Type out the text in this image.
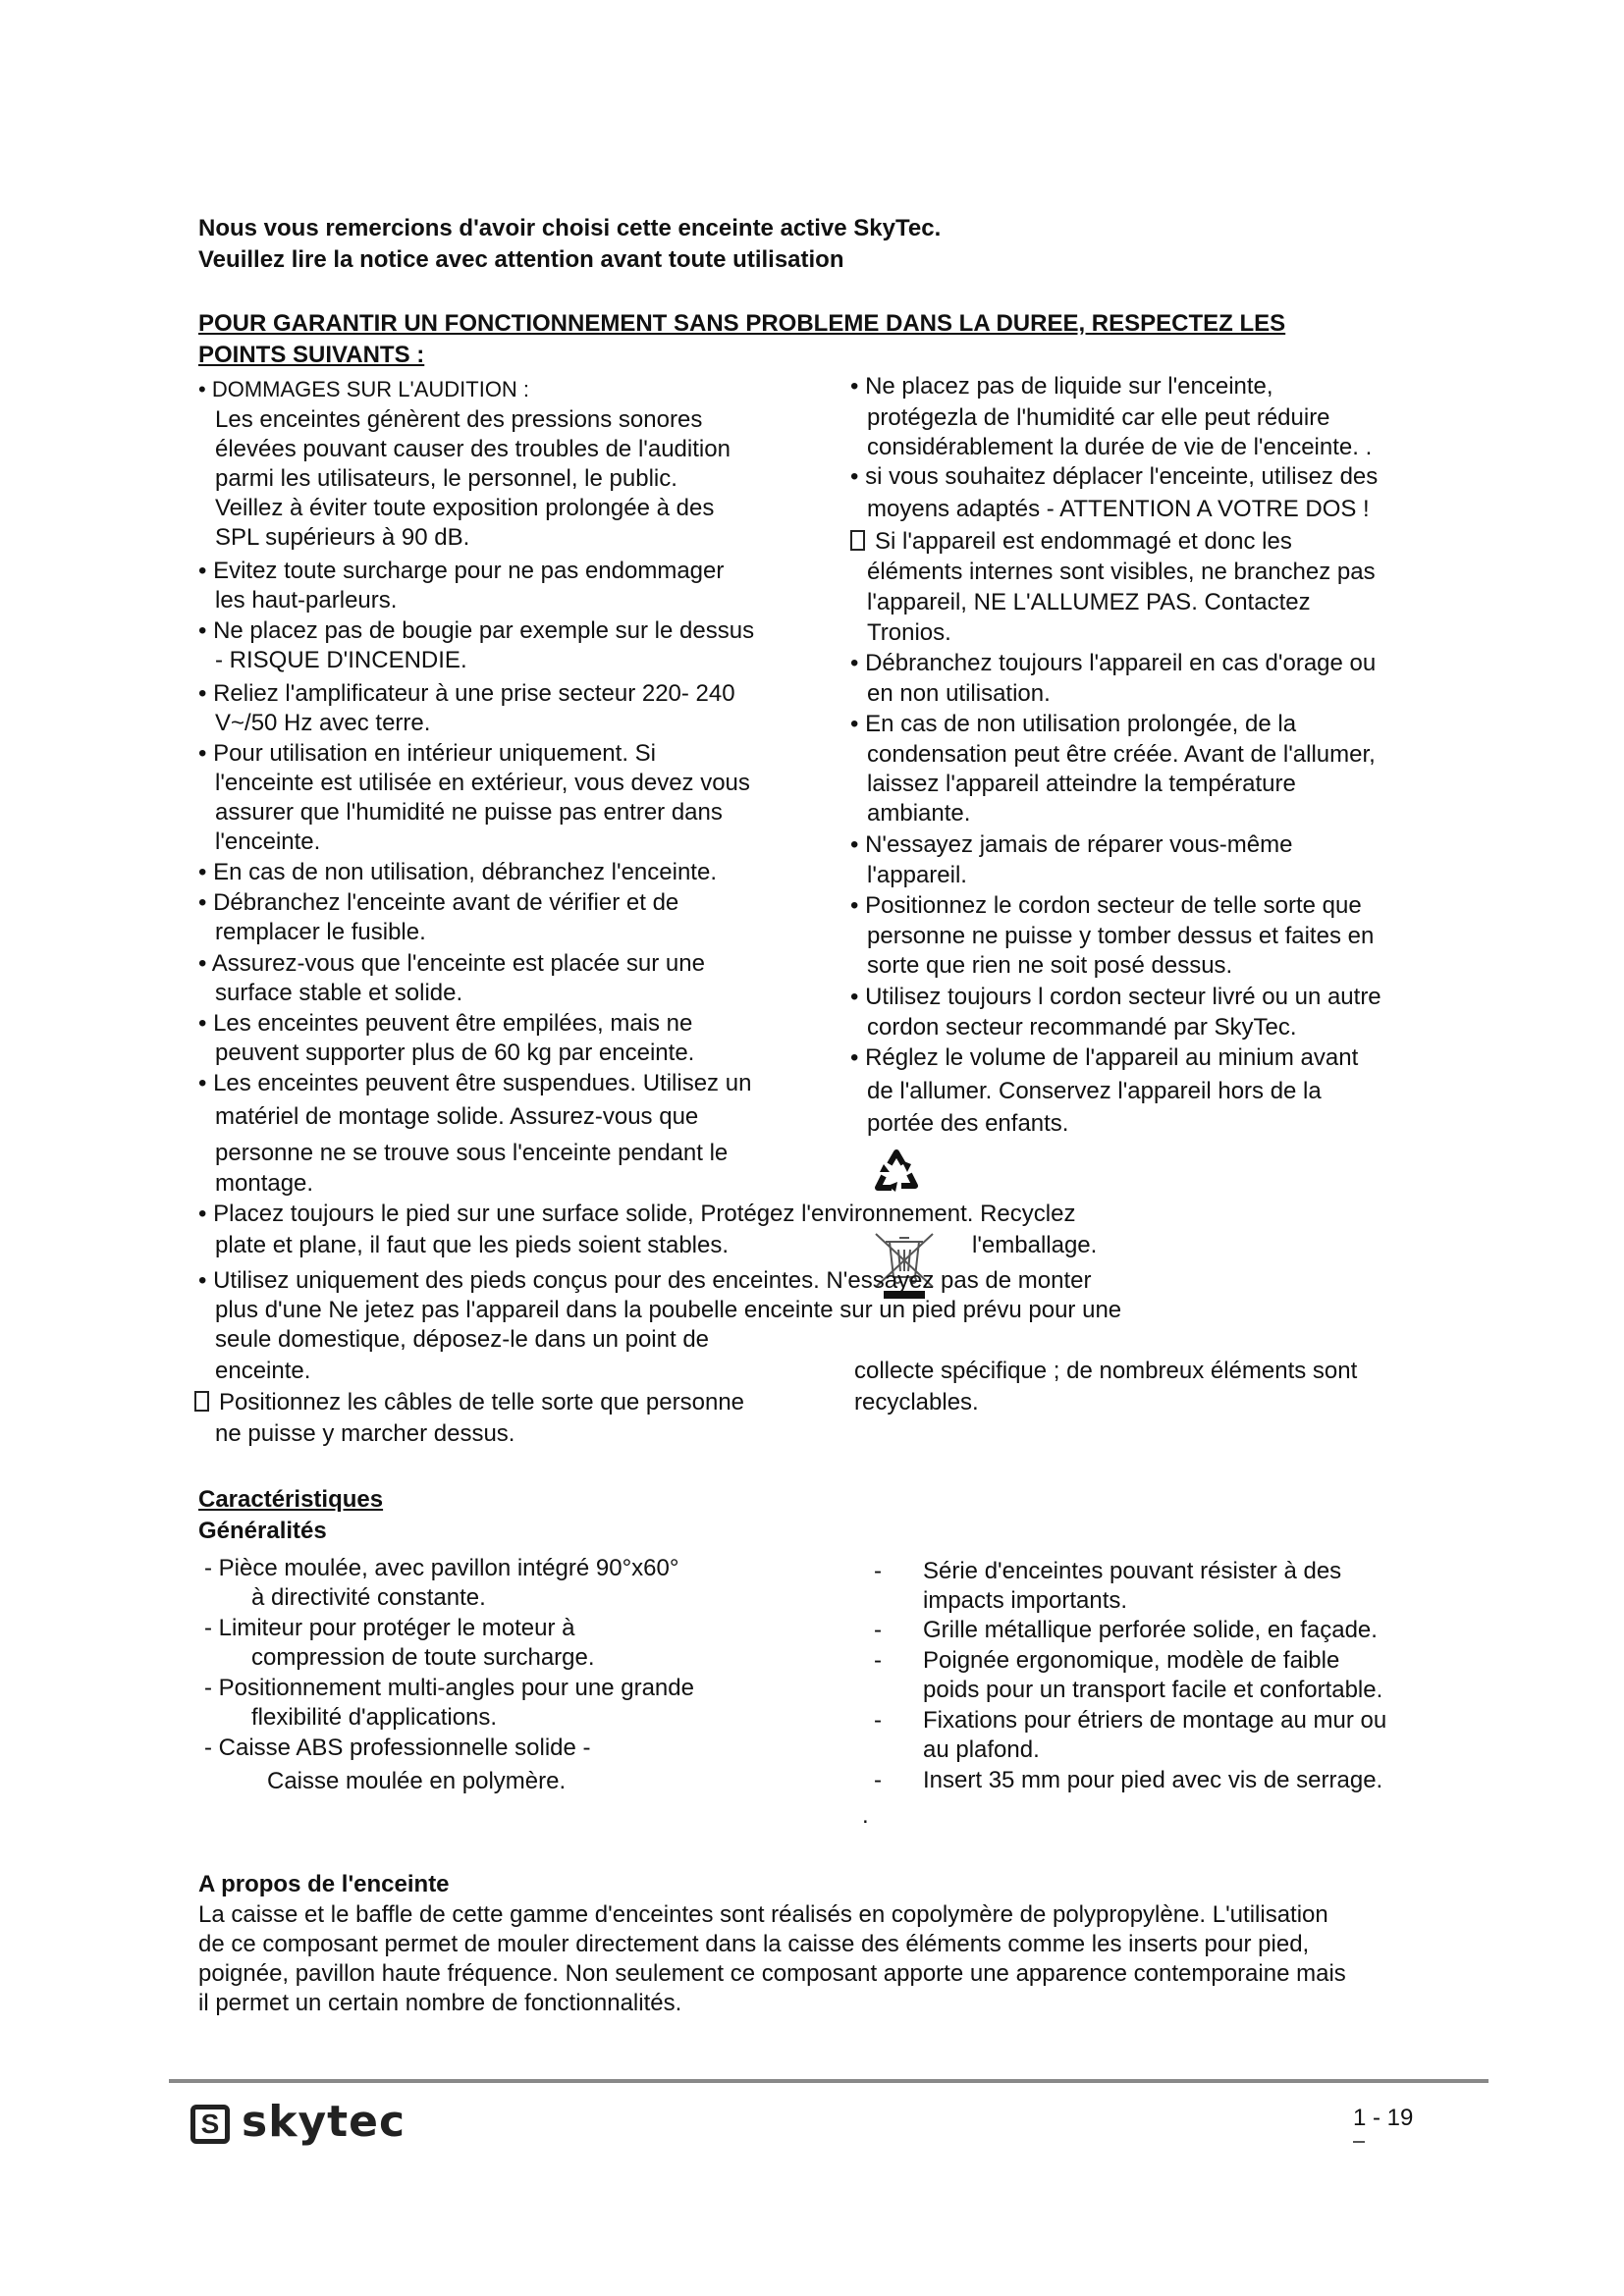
Nous vous remercions d'avoir choisi cette enceinte active SkyTec.
Veuillez lire la notice avec attention avant toute utilisation
POUR GARANTIR UN FONCTIONNEMENT SANS PROBLEME DANS LA DUREE, RESPECTEZ LES
POINTS SUIVANTS :
• DOMMAGES SUR L'AUDITION :
Les enceintes génèrent des pressions sonores
élevées pouvant causer des troubles de l'audition
parmi les utilisateurs, le personnel, le public.
Veillez à éviter toute exposition prolongée à des
SPL supérieurs à 90 dB.
• Evitez toute surcharge pour ne pas endommager
les haut-parleurs.
• Ne placez pas de bougie par exemple sur le dessus
- RISQUE D'INCENDIE.
• Reliez l'amplificateur à une prise secteur 220- 240
V~/50 Hz avec terre.
• Pour utilisation en intérieur uniquement. Si
l'enceinte est utilisée en extérieur, vous devez vous
assurer que l'humidité ne puisse pas entrer dans
l'enceinte.
• En cas de non utilisation, débranchez l'enceinte.
• Débranchez l'enceinte avant de vérifier et de
remplacer le fusible.
• Assurez-vous que l'enceinte est placée sur une
surface stable et solide.
• Les enceintes peuvent être empilées, mais ne
peuvent supporter plus de 60 kg par enceinte.
• Les enceintes peuvent être suspendues. Utilisez un
matériel de montage solide. Assurez-vous que
personne ne se trouve sous l'enceinte pendant le
montage.
• Ne placez pas de liquide sur l'enceinte,
protégezla de l'humidité car elle peut réduire
considérablement la durée de vie de l'enceinte. .
• si vous souhaitez déplacer l'enceinte, utilisez des
moyens adaptés - ATTENTION A VOTRE DOS !
Si l'appareil est endommagé et donc les
éléments internes sont visibles, ne branchez pas
l'appareil, NE L'ALLUMEZ PAS. Contactez
Tronios.
• Débranchez toujours l'appareil en cas d'orage ou
en non utilisation.
• En cas de non utilisation prolongée, de la
condensation peut être créée. Avant de l'allumer,
laissez l'appareil atteindre la température
ambiante.
• N'essayez jamais de réparer vous-même
l'appareil.
• Positionnez le cordon secteur de telle sorte que
personne ne puisse y tomber dessus et faites en
sorte que rien ne soit posé dessus.
• Utilisez toujours l cordon secteur livré ou un autre
cordon secteur recommandé par SkyTec.
• Réglez le volume de l'appareil au minium avant
de l'allumer. Conservez l'appareil hors de la
portée des enfants.
• Placez toujours le pied sur une surface solide, Protégez l'environnement. Recyclez
plate et plane, il faut que les pieds soient stables.	l'emballage.
• Utilisez uniquement des pieds conçus pour des enceintes. N'essayez pas de monter
plus d'une Ne jetez pas l'appareil dans la poubelle enceinte sur un pied prévu pour une
seule domestique, déposez-le dans un point de
enceinte.	collecte spécifique ; de nombreux éléments sont
Positionnez les câbles de telle sorte que personne	recyclables.
ne puisse y marcher dessus.
Caractéristiques
Généralités
- Pièce moulée, avec pavillon intégré 90°x60°
à directivité constante.
- Limiteur pour protéger le moteur à
compression de toute surcharge.
- Positionnement multi-angles pour une grande
flexibilité d'applications.
- Caisse ABS professionnelle solide -
Caisse moulée en polymère.
- Série d'enceintes pouvant résister à des
impacts importants.
- Grille métallique perforée solide, en façade.
- Poignée ergonomique, modèle de faible
poids pour un transport facile et confortable.
- Fixations pour étriers de montage au mur ou
au plafond.
- Insert 35 mm pour pied avec vis de serrage.
.
A propos de l'enceinte
La caisse et le baffle de cette gamme d'enceintes sont réalisés en copolymère de polypropylène. L'utilisation
de ce composant permet de mouler directement dans la caisse des éléments comme les inserts pour pied,
poignée, pavillon haute fréquence. Non seulement ce composant apporte une apparence contemporaine mais
il permet un certain nombre de fonctionnalités.
S skytec	1 - 19
